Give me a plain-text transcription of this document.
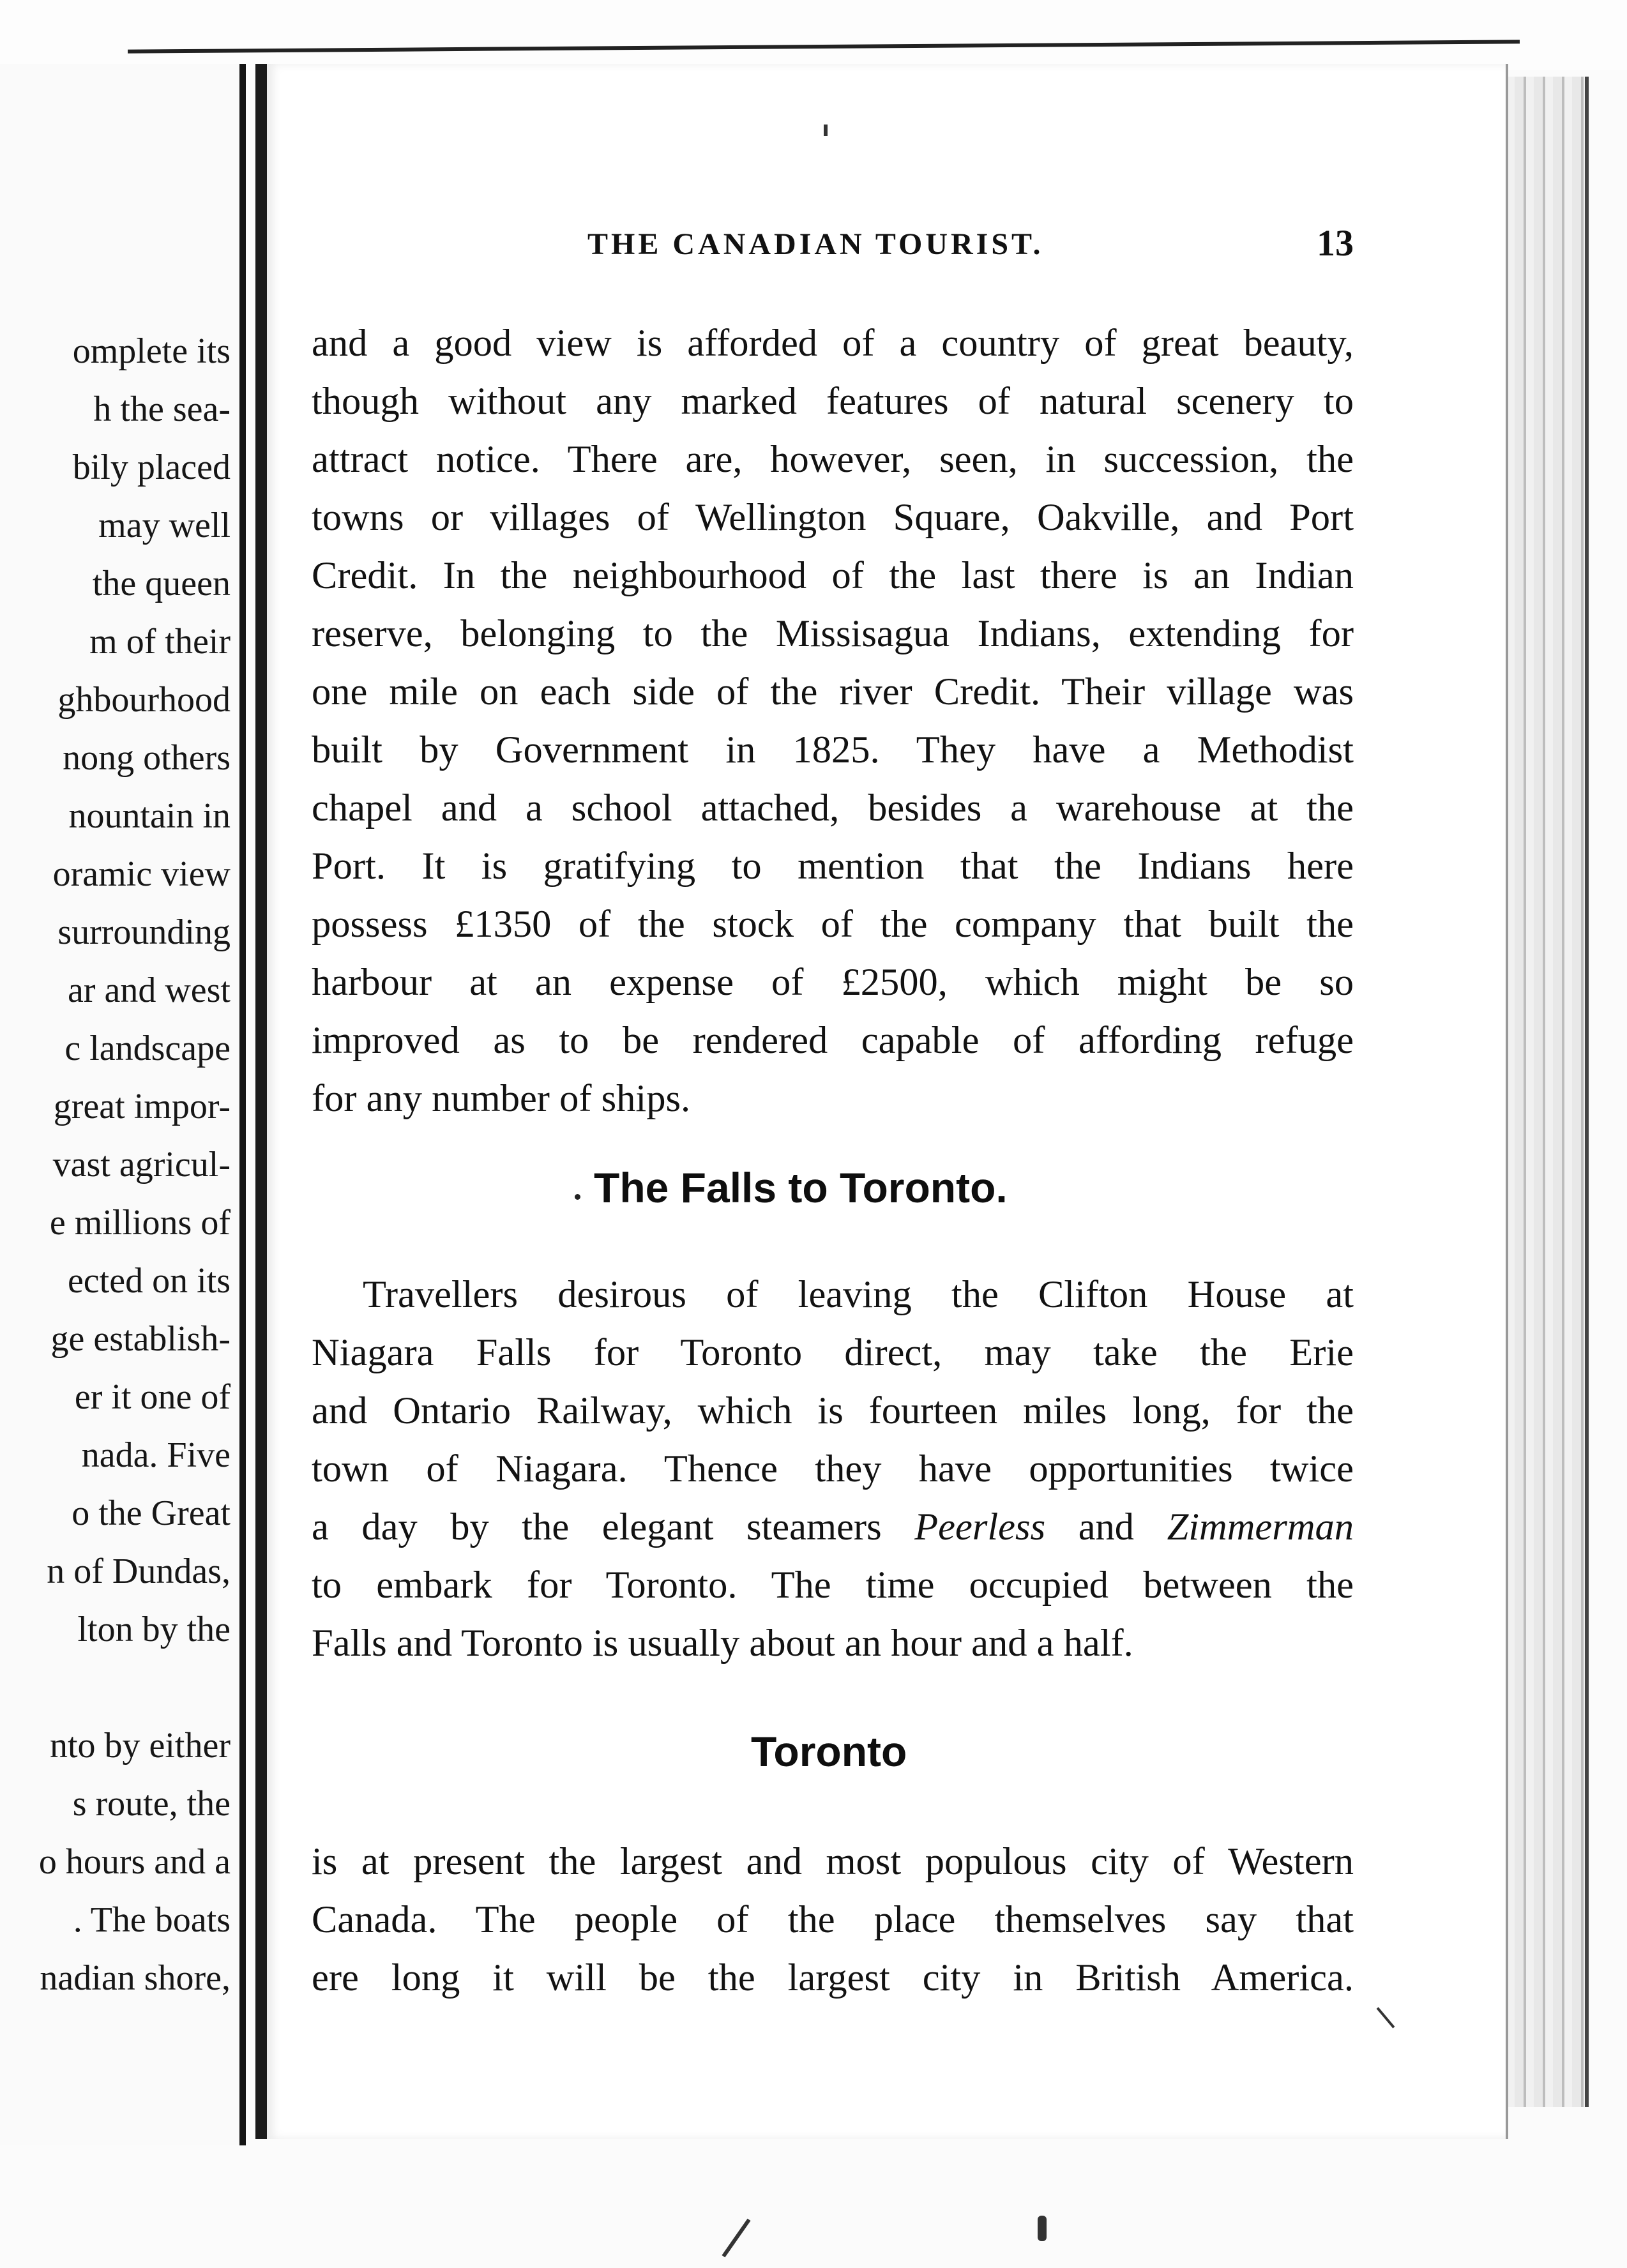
omplete its
h the sea-
bily placed
may well
the queen
m of their
ghbourhood
nong others
nountain in
oramic view
surrounding
ar and west
c landscape
great impor-
vast agricul-
e millions of
ected on its
ge establish-
er it one of
nada. Five
o the Great
n of Dundas,
lton by the
nto by either
s route, the
o hours and a
. The boats
nadian shore,
THE CANADIAN TOURIST.	13
and a good view is afforded of a country of great beauty,
though without any marked features of natural scenery to
attract notice. There are, however, seen, in succession, the
towns or villages of Wellington Square, Oakville, and Port
Credit. In the neighbourhood of the last there is an Indian
reserve, belonging to the Missisagua Indians, extending for
one mile on each side of the river Credit. Their village was
built by Government in 1825. They have a Methodist
chapel and a school attached, besides a warehouse at the
Port. It is gratifying to mention that the Indians here
possess £1350 of the stock of the company that built the
harbour at an expense of £2500, which might be so
improved as to be rendered capable of affording refuge
for any number of ships.
The Falls to Toronto.
Travellers desirous of leaving the Clifton House at
Niagara Falls for Toronto direct, may take the Erie
and Ontario Railway, which is fourteen miles long, for the
town of Niagara. Thence they have opportunities twice
a day by the elegant steamers Peerless and Zimmerman
to embark for Toronto. The time occupied between the
Falls and Toronto is usually about an hour and a half.
Toronto
is at present the largest and most populous city of Western
Canada. The people of the place themselves say that
ere long it will be the largest city in British America.
